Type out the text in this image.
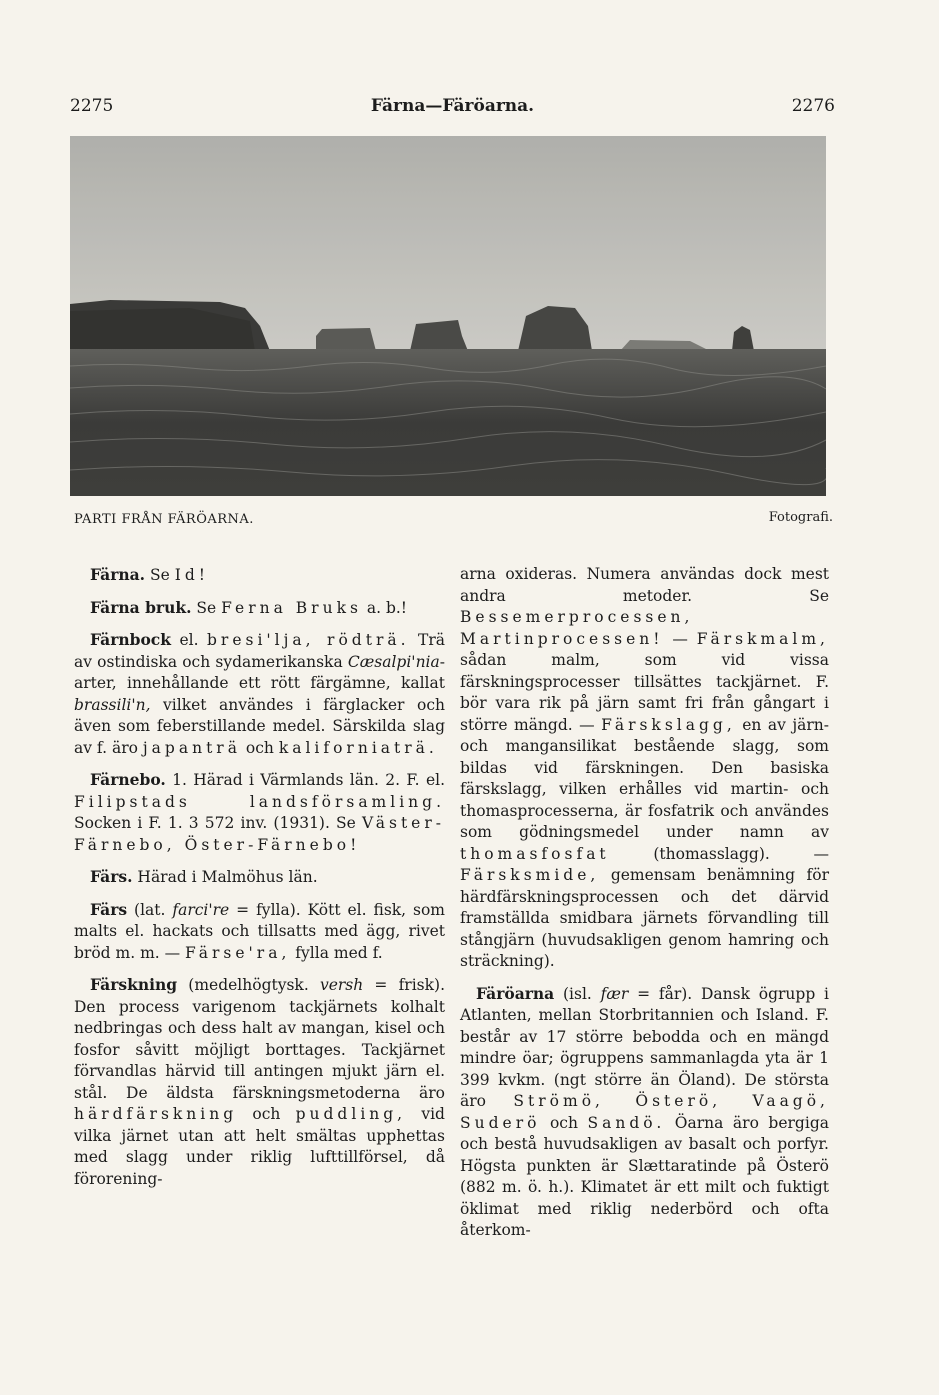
2275	Färna—Färöarna.	2276
PARTI FRÅN FÄRÖARNA.	Fotografi.

Färna. Se Id!

Färna bruk. Se Ferna Bruks a. b.!

Färnbock el. bresi'lja, rödträ. Trä av ostindiska och sydamerikanska Cæsalpi'nia-arter, innehållande ett rött färgämne, kallat brassili'n, vilket användes i färglacker och även som feberstillande medel. Särskilda slag av f. äro japanträ och kaliforniaträ.

Färnebo. 1. Härad i Värmlands län. 2. F. el. Filipstads landsförsamling. Socken i F. 1. 3 572 inv. (1931). Se Väster-Färnebo, Öster-Färnebo!

Färs. Härad i Malmöhus län.

Färs (lat. farci're = fylla). Kött el. fisk, som malts el. hackats och tillsatts med ägg, rivet bröd m. m. — Färse'ra, fylla med f.

Färskning (medelhögtysk. versh = frisk). Den process varigenom tackjärnets kolhalt nedbringas och dess halt av mangan, kisel och fosfor såvitt möjligt borttages. Tackjärnet förvandlas härvid till antingen mjukt järn el. stål. De äldsta färskningsmetoderna äro härdfärskning och puddling, vid vilka järnet utan att helt smältas upphettas med slagg under riklig lufttillförsel, då förorening-

arna oxideras. Numera användas dock mest andra metoder. Se Bessemerprocessen, Martinprocessen! — Färskmalm, sådan malm, som vid vissa färskningsprocesser tillsättes tackjärnet. F. bör vara rik på järn samt fri från gångart i större mängd. — Färskslagg, en av järn- och mangansilikat bestående slagg, som bildas vid färskningen. Den basiska färskslagg, vilken erhålles vid martin- och thomasprocesserna, är fosfatrik och användes som gödningsmedel under namn av thomasfosfat (thomasslagg). — Färsksmide, gemensam benämning för härdfärskningsprocessen och det därvid framställda smidbara järnets förvandling till stångjärn (huvudsakligen genom hamring och sträckning).

Färöarna (isl. fær = får). Dansk ögrupp i Atlanten, mellan Storbritannien och Island. F. består av 17 större bebodda och en mängd mindre öar; ögruppens sammanlagda yta är 1 399 kvkm. (ngt större än Öland). De största äro Strömö, Österö, Vaagö, Suderö och Sandö. Öarna äro bergiga och bestå huvudsakligen av basalt och porfyr. Högsta punkten är Slættaratinde på Österö (882 m. ö. h.). Klimatet är ett milt och fuktigt öklimat med riklig nederbörd och ofta återkom-
